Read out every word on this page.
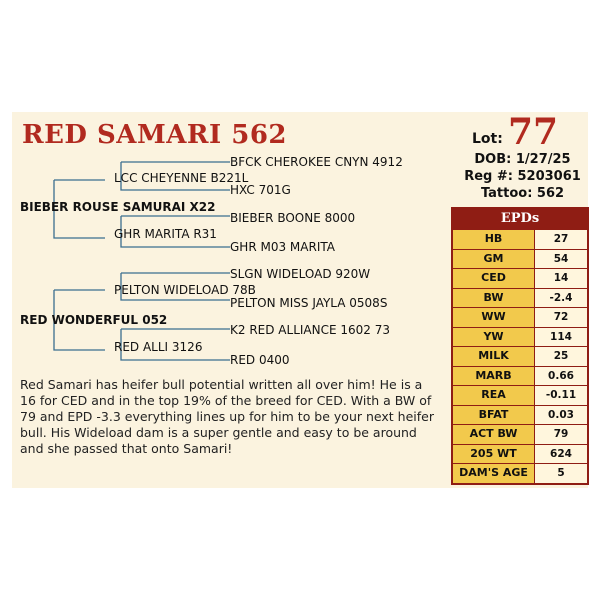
RED SAMARI 562	Lot: 77
DOB: 1/27/25
Reg #: 5203061
Tattoo: 562
BFCK CHEROKEE CNYN 4912
LCC CHEYENNE B221L
HXC 701G
BIEBER ROUSE SAMURAI X22
BIEBER BOONE 8000
GHR MARITA R31
GHR M03 MARITA
SLGN WIDELOAD 920W
PELTON WIDELOAD 78B
PELTON MISS JAYLA 0508S
RED WONDERFUL 052
K2 RED ALLIANCE 1602 73
RED ALLI 3126
RED 0400

Red Samari has heifer bull potential written all over him! He is a 16 for CED and in the top 19% of the breed for CED. With a BW of 79 and EPD -3.3 everything lines up for him to be your next heifer bull. His Wideload dam is a super gentle and easy to be around and she passed that onto Samari!

EPDs
HB	27
GM	54
CED	14
BW	-2.4
WW	72
YW	114
MILK	25
MARB	0.66
REA	-0.11
BFAT	0.03
ACT BW	79
205 WT	624
DAM'S AGE	5
